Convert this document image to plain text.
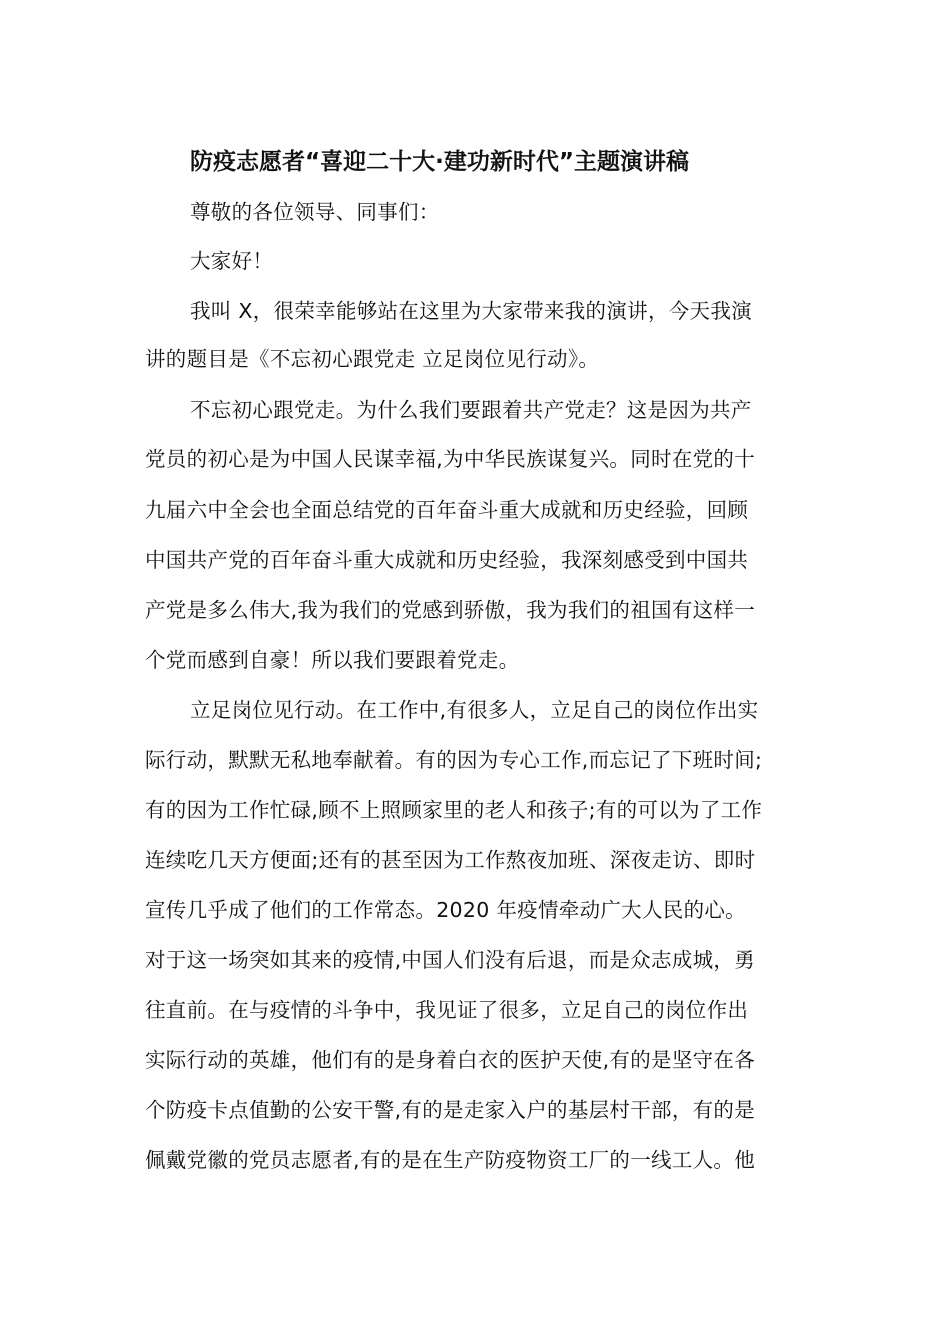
防疫志愿者“喜迎二十大·建功新时代”主题演讲稿
尊敬的各位领导、同事们：
大家好！
我叫 X，很荣幸能够站在这里为大家带来我的演讲，今天我演
讲的题目是《不忘初心跟党走 立足岗位见行动》。
不忘初心跟党走。为什么我们要跟着共产党走？这是因为共产
党员的初心是为中国人民谋幸福,为中华民族谋复兴。同时在党的十
九届六中全会也全面总结党的百年奋斗重大成就和历史经验，回顾
中国共产党的百年奋斗重大成就和历史经验，我深刻感受到中国共
产党是多么伟大,我为我们的党感到骄傲，我为我们的祖国有这样一
个党而感到自豪！所以我们要跟着党走。
立足岗位见行动。在工作中,有很多人，立足自己的岗位作出实
际行动，默默无私地奉献着。有的因为专心工作,而忘记了下班时间;
有的因为工作忙碌,顾不上照顾家里的老人和孩子;有的可以为了工作
连续吃几天方便面;还有的甚至因为工作熬夜加班、深夜走访、即时
宣传几乎成了他们的工作常态。2020 年疫情牵动广大人民的心。
对于这一场突如其来的疫情,中国人们没有后退，而是众志成城，勇
往直前。在与疫情的斗争中，我见证了很多，立足自己的岗位作出
实际行动的英雄，他们有的是身着白衣的医护天使,有的是坚守在各
个防疫卡点值勤的公安干警,有的是走家入户的基层村干部，有的是
佩戴党徽的党员志愿者,有的是在生产防疫物资工厂的一线工人。他
